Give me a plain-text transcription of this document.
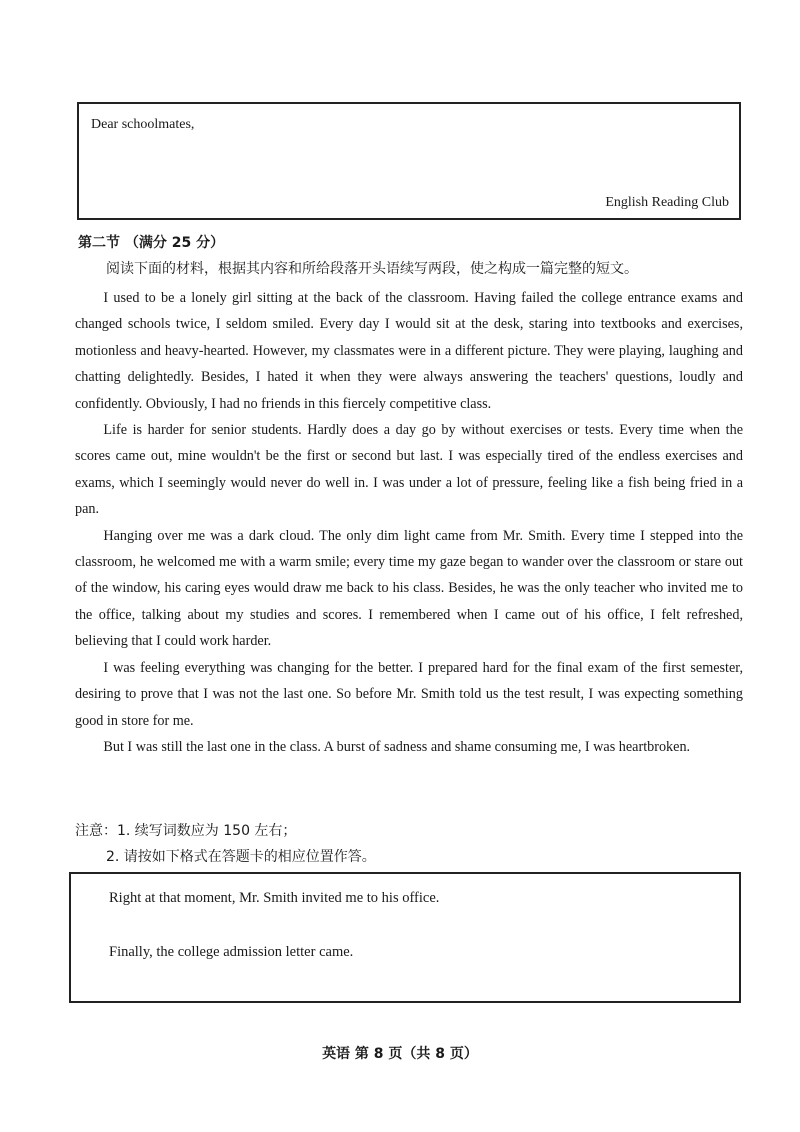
Dear schoolmates,
English Reading Club
第二节 （满分 25 分）
阅读下面的材料，根据其内容和所给段落开头语续写两段，使之构成一篇完整的短文。

I used to be a lonely girl sitting at the back of the classroom. Having failed the college entrance exams and changed schools twice, I seldom smiled. Every day I would sit at the desk, staring into textbooks and exercises, motionless and heavy-hearted. However, my classmates were in a different picture. They were playing, laughing and chatting delightedly. Besides, I hated it when they were always answering the teachers' questions, loudly and confidently. Obviously, I had no friends in this fiercely competitive class.

Life is harder for senior students. Hardly does a day go by without exercises or tests. Every time when the scores came out, mine wouldn't be the first or second but last. I was especially tired of the endless exercises and exams, which I seemingly would never do well in. I was under a lot of pressure, feeling like a fish being fried in a pan.

Hanging over me was a dark cloud. The only dim light came from Mr. Smith. Every time I stepped into the classroom, he welcomed me with a warm smile; every time my gaze began to wander over the classroom or stare out of the window, his caring eyes would draw me back to his class. Besides, he was the only teacher who invited me to the office, talking about my studies and scores. I remembered when I came out of his office, I felt refreshed, believing that I could work harder.

I was feeling everything was changing for the better. I prepared hard for the final exam of the first semester, desiring to prove that I was not the last one. So before Mr. Smith told us the test result, I was expecting something good in store for me.

But I was still the last one in the class. A burst of sadness and shame consuming me, I was heartbroken.

注意：1. 续写词数应为 150 左右；
2. 请按如下格式在答题卡的相应位置作答。
Right at that moment, Mr. Smith invited me to his office.
Finally, the college admission letter came.
英语 第 8 页（共 8 页）
